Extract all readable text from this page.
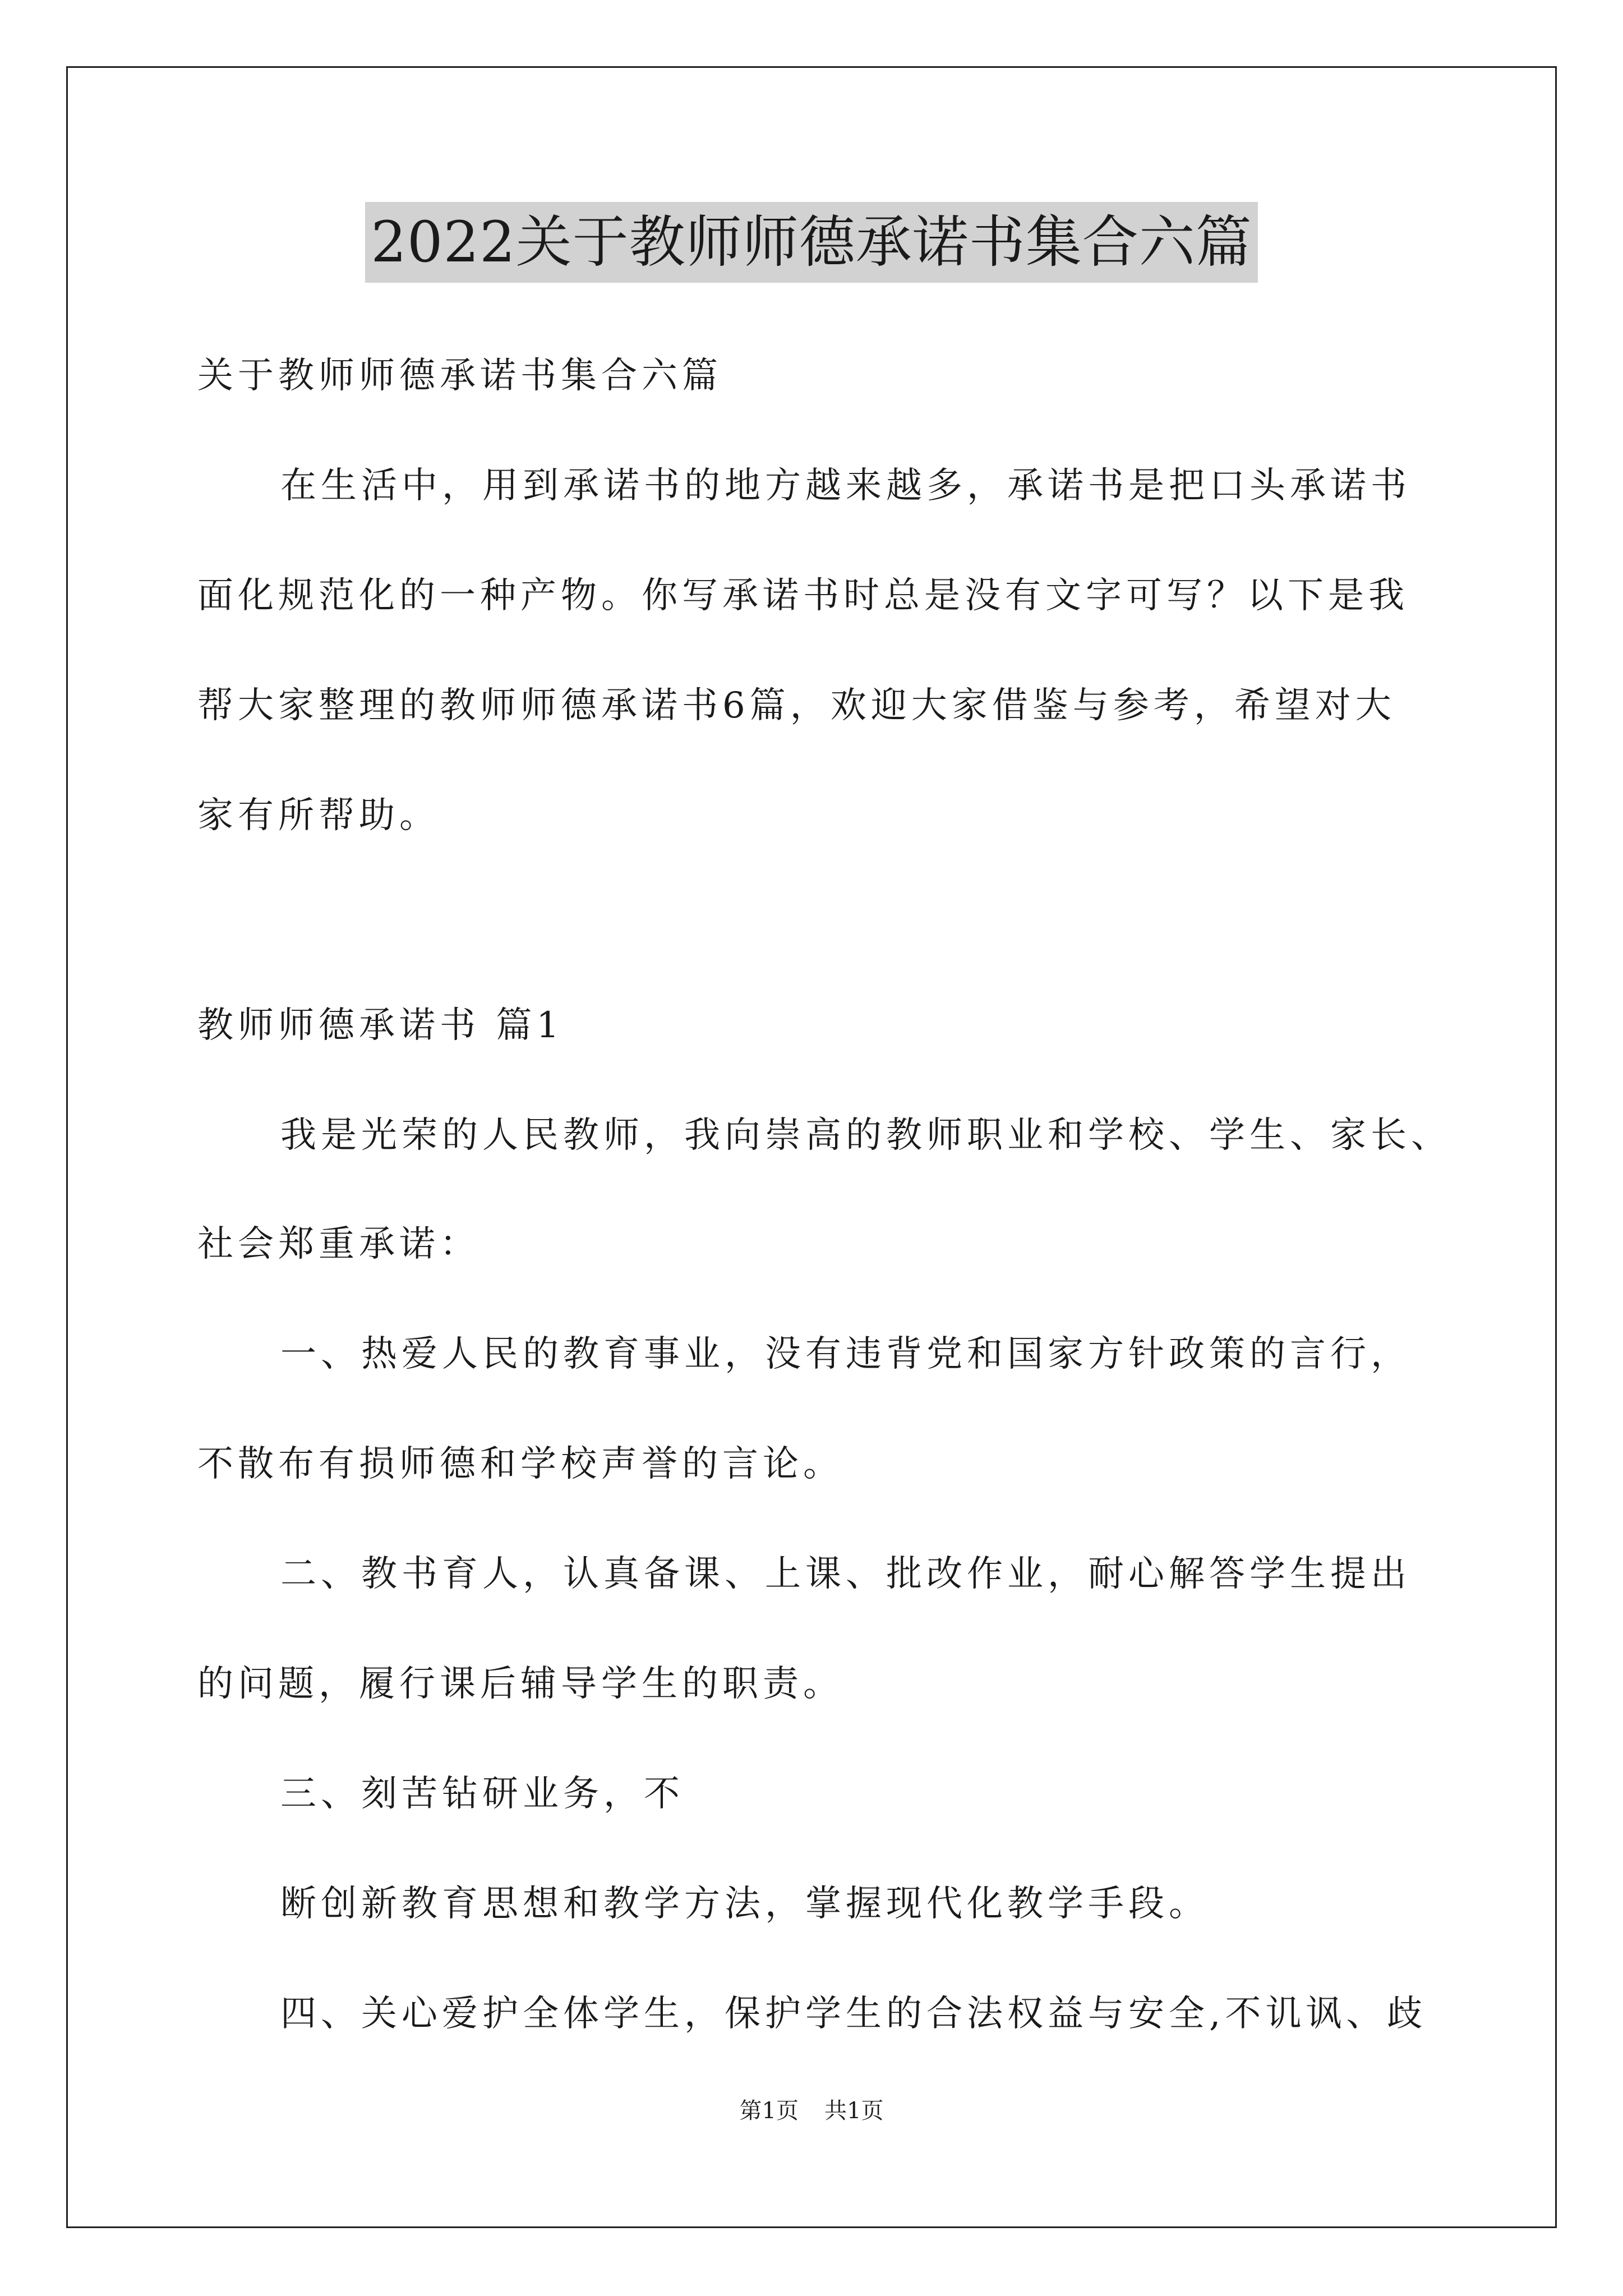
2022关于教师师德承诺书集合六篇
关于教师师德承诺书集合六篇
在生活中，用到承诺书的地方越来越多，承诺书是把口头承诺书
面化规范化的一种产物。你写承诺书时总是没有文字可写？以下是我
帮大家整理的教师师德承诺书6篇，欢迎大家借鉴与参考，希望对大
家有所帮助。
教师师德承诺书 篇1
我是光荣的人民教师，我向崇高的教师职业和学校、学生、家长、
社会郑重承诺：
一、热爱人民的教育事业，没有违背党和国家方针政策的言行，
不散布有损师德和学校声誉的言论。
二、教书育人，认真备课、上课、批改作业，耐心解答学生提出
的问题，履行课后辅导学生的职责。
三、刻苦钻研业务，不
断创新教育思想和教学方法，掌握现代化教学手段。
四、关心爱护全体学生，保护学生的合法权益与安全,不讥讽、歧
第1页 共1页
